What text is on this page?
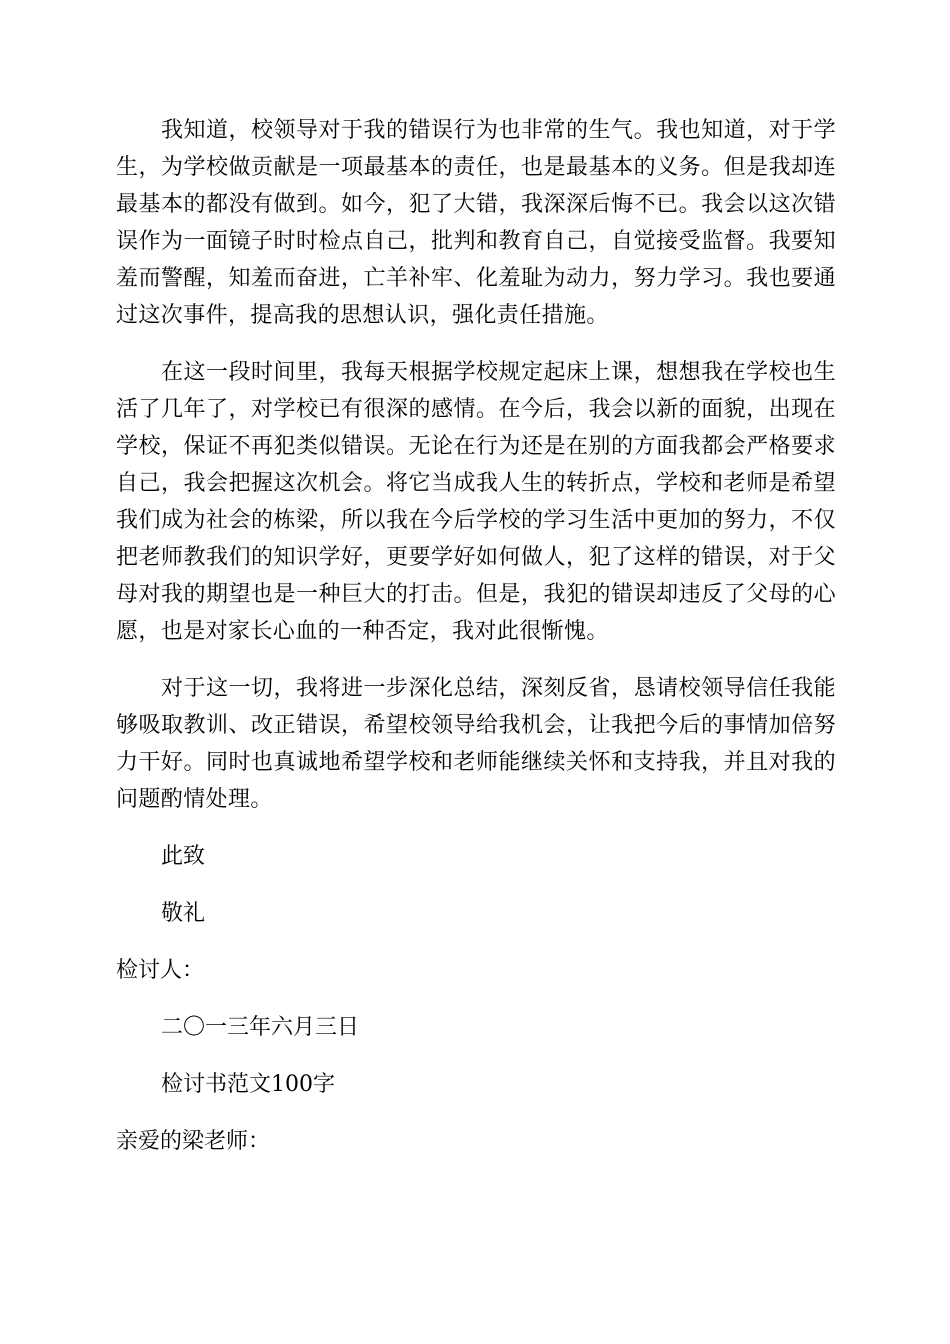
我知道，校领导对于我的错误行为也非常的生气。我也知道，对于学生，为学校做贡献是一项最基本的责任，也是最基本的义务。但是我却连最基本的都没有做到。如今，犯了大错，我深深后悔不已。我会以这次错误作为一面镜子时时检点自己，批判和教育自己，自觉接受监督。我要知羞而警醒，知羞而奋进，亡羊补牢、化羞耻为动力，努力学习。我也要通过这次事件，提高我的思想认识，强化责任措施。

在这一段时间里，我每天根据学校规定起床上课，想想我在学校也生活了几年了，对学校已有很深的感情。在今后，我会以新的面貌，出现在学校，保证不再犯类似错误。无论在行为还是在别的方面我都会严格要求自己，我会把握这次机会。将它当成我人生的转折点，学校和老师是希望我们成为社会的栋梁，所以我在今后学校的学习生活中更加的努力，不仅把老师教我们的知识学好，更要学好如何做人，犯了这样的错误，对于父母对我的期望也是一种巨大的打击。但是，我犯的错误却违反了父母的心愿，也是对家长心血的一种否定，我对此很惭愧。

对于这一切，我将进一步深化总结，深刻反省，恳请校领导信任我能够吸取教训、改正错误，希望校领导给我机会，让我把今后的事情加倍努力干好。同时也真诚地希望学校和老师能继续关怀和支持我，并且对我的问题酌情处理。

此致
敬礼
检讨人：
二〇一三年六月三日
检讨书范文100字
亲爱的梁老师：
